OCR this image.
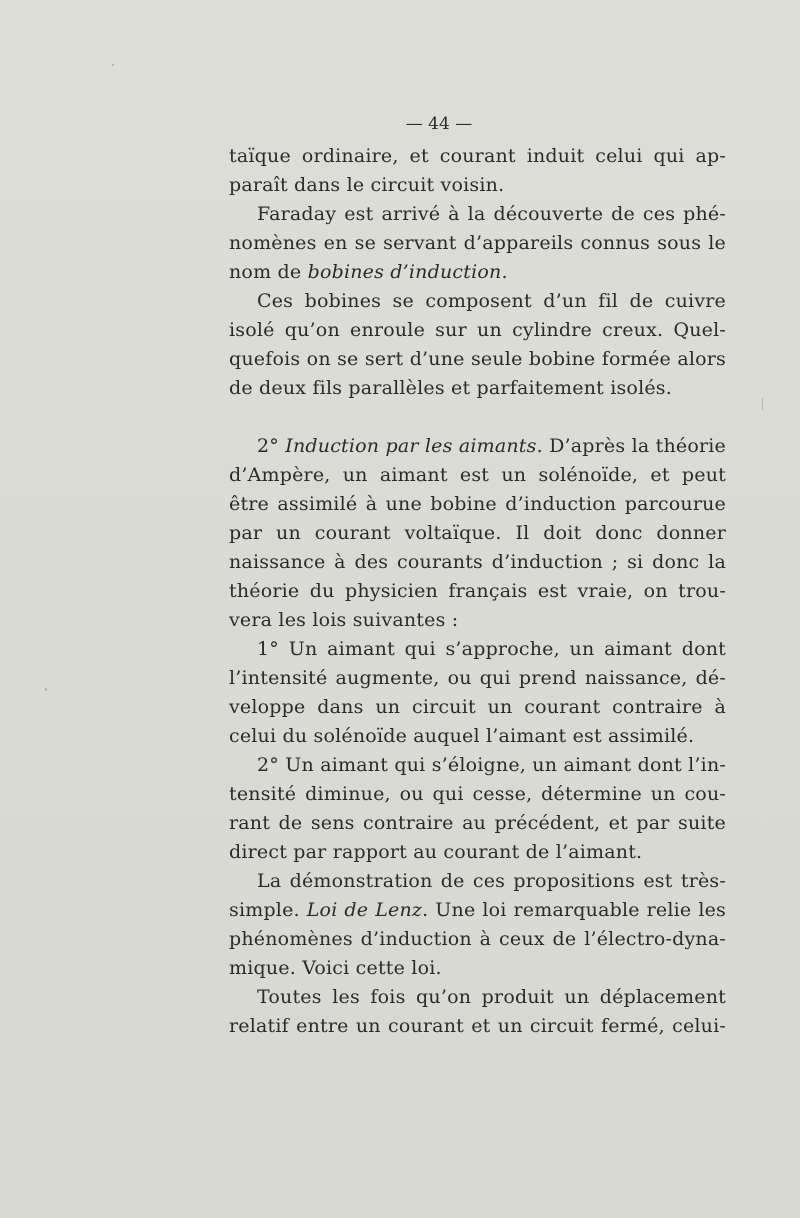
— 44 —
taïque ordinaire, et courant induit celui qui ap-
paraît dans le circuit voisin.
Faraday est arrivé à la découverte de ces phé-
nomènes en se servant d’appareils connus sous le
nom de bobines d’induction.
Ces bobines se composent d’un fil de cuivre
isolé qu’on enroule sur un cylindre creux. Quel-
quefois on se sert d’une seule bobine formée alors
de deux fils parallèles et parfaitement isolés.
2° Induction par les aimants. D’après la théorie
d’Ampère, un aimant est un solénoïde, et peut
être assimilé à une bobine d’induction parcourue
par un courant voltaïque. Il doit donc donner
naissance à des courants d’induction ; si donc la
théorie du physicien français est vraie, on trou-
vera les lois suivantes :
1° Un aimant qui s’approche, un aimant dont
l’intensité augmente, ou qui prend naissance, dé-
veloppe dans un circuit un courant contraire à
celui du solénoïde auquel l’aimant est assimilé.
2° Un aimant qui s’éloigne, un aimant dont l’in-
tensité diminue, ou qui cesse, détermine un cou-
rant de sens contraire au précédent, et par suite
direct par rapport au courant de l’aimant.
La démonstration de ces propositions est très-
simple. Loi de Lenz. Une loi remarquable relie les
phénomènes d’induction à ceux de l’électro-dyna-
mique. Voici cette loi.
Toutes les fois qu’on produit un déplacement
relatif entre un courant et un circuit fermé, celui-
